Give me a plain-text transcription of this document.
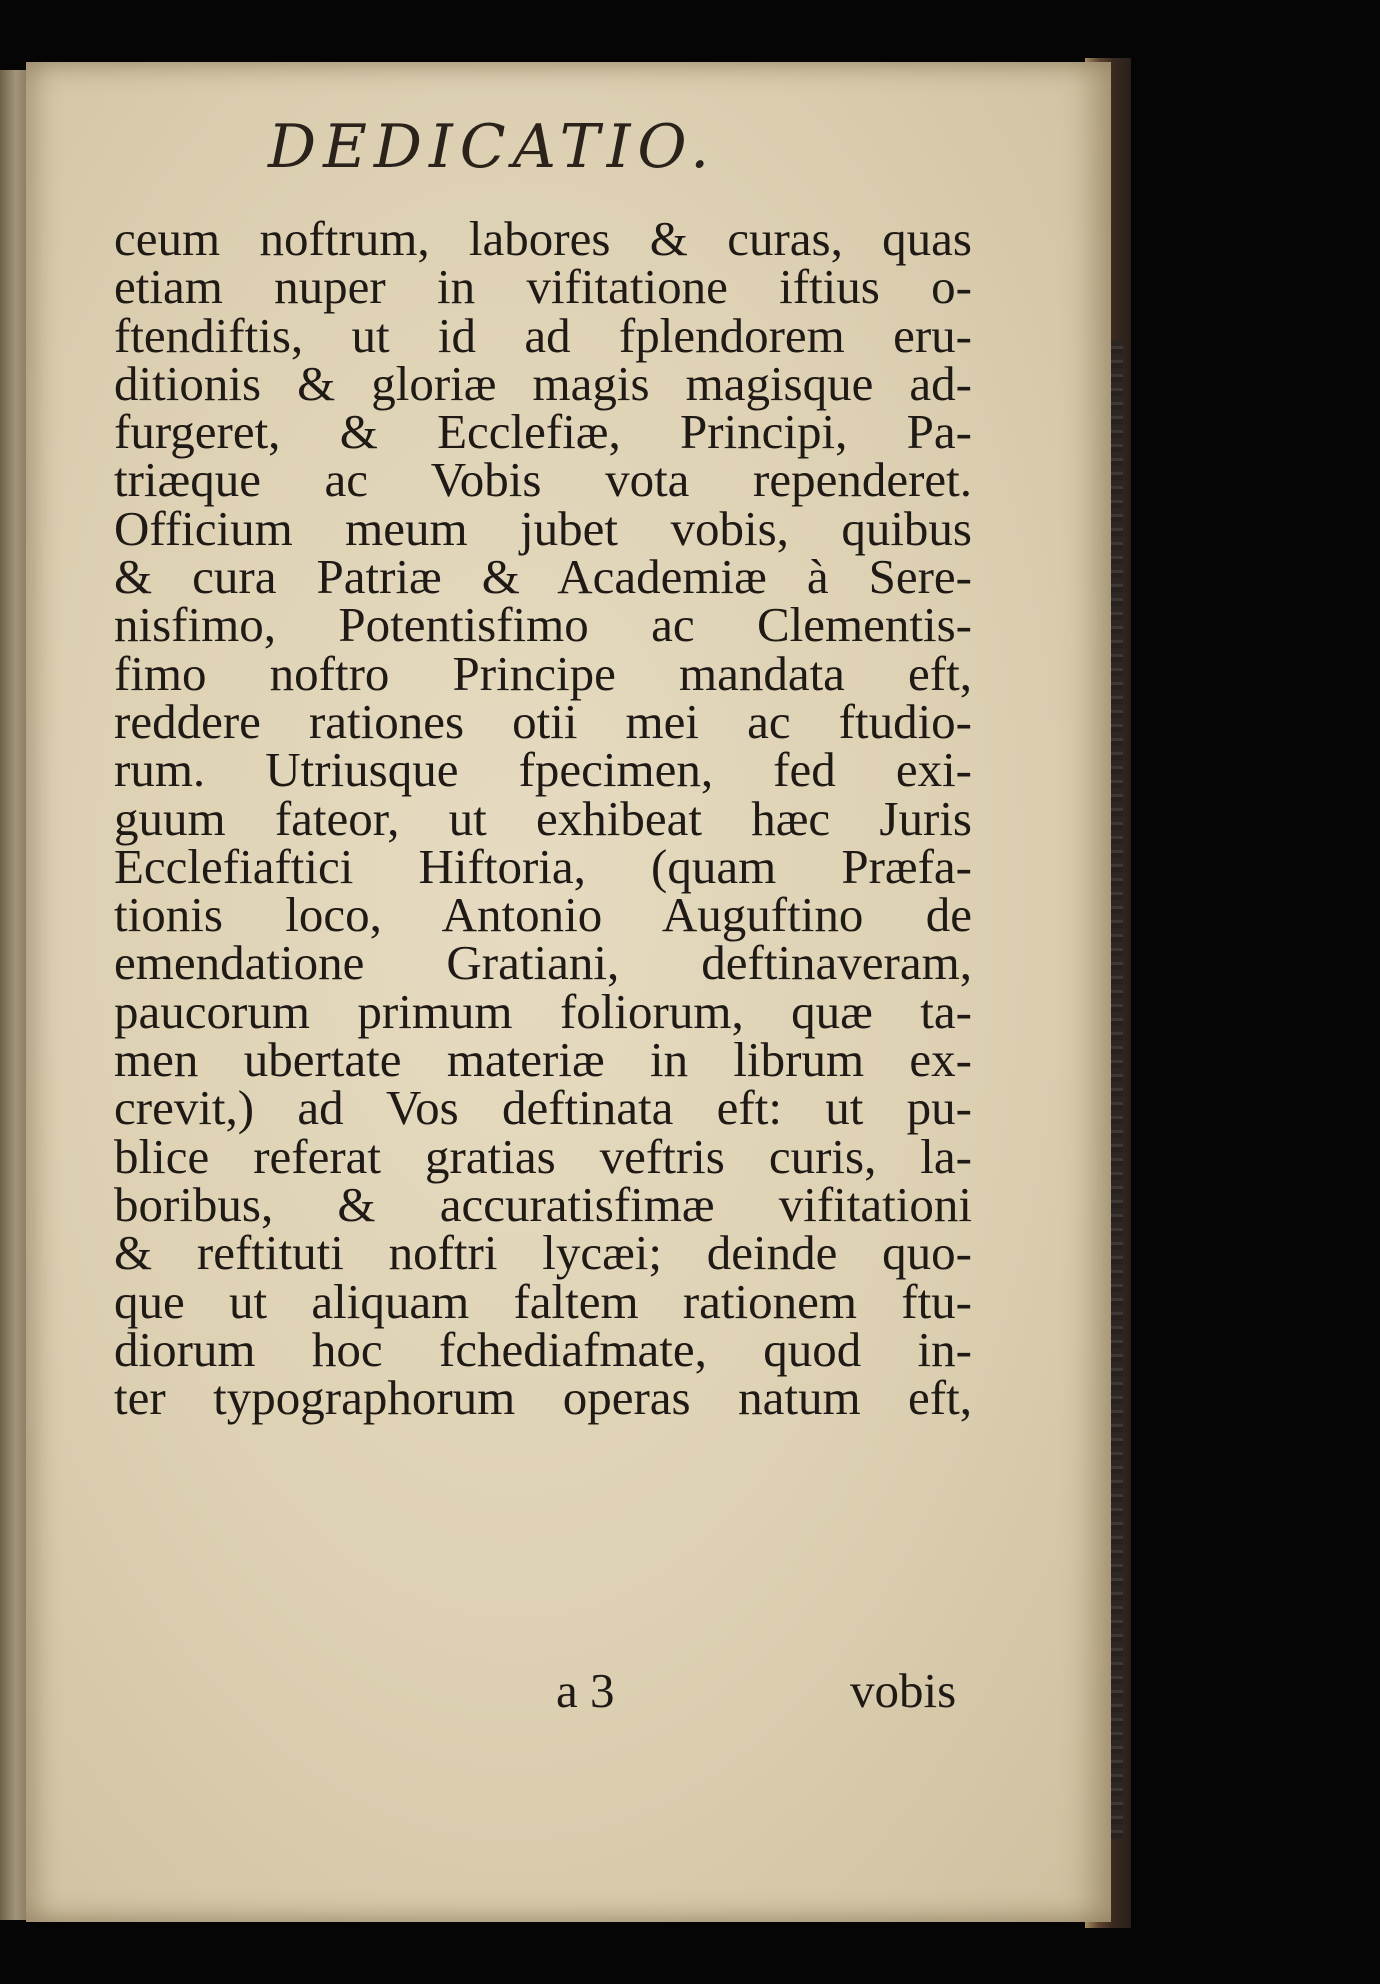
DEDICATIO.
ceum noftrum, labores & curas, quas
etiam nuper in vifitatione iftius o-
ftendiftis, ut id ad fplendorem eru-
ditionis & gloriæ magis magisque ad-
furgeret, & Ecclefiæ, Principi, Pa-
triæque ac Vobis vota rependeret.
Officium meum jubet vobis, quibus
& cura Patriæ & Academiæ à Sere-
nisfimo, Potentisfimo ac Clementis-
fimo noftro Principe mandata eft,
reddere rationes otii mei ac ftudio-
rum. Utriusque fpecimen, fed exi-
guum fateor, ut exhibeat hæc Juris
Ecclefiaftici Hiftoria, (quam Præfa-
tionis loco, Antonio Auguftino de
emendatione Gratiani, deftinaveram,
paucorum primum foliorum, quæ ta-
men ubertate materiæ in librum ex-
crevit,) ad Vos deftinata eft: ut pu-
blice referat gratias veftris curis, la-
boribus, & accuratisfimæ vifitationi
& reftituti noftri lycæi; deinde quo-
que ut aliquam faltem rationem ftu-
diorum hoc fchediafmate, quod in-
ter typographorum operas natum eft,
a 3	vobis
